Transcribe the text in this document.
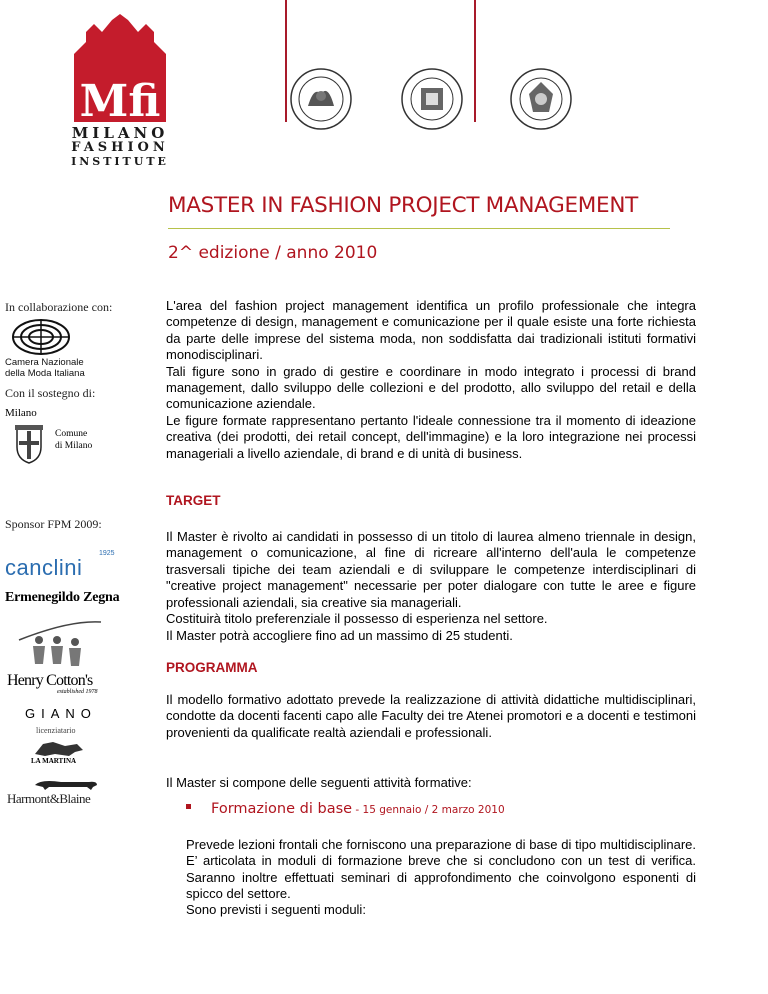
Mfi
MILANO
FASHION
INSTITUTE
MASTER IN FASHION PROJECT MANAGEMENT
2^ edizione / anno 2010
In collaborazione con:
Camera Nazionale
della Moda Italiana
Con il sostegno di:
Milano
Comune
di Milano
Sponsor FPM 2009:
canclini
1925
Ermenegildo Zegna
Henry Cotton's
established 1978
GIANO
licenziatario
LA MARTINA
Harmont&Blaine

L'area del fashion project management identifica un profilo professionale che integra competenze di design, management e comunicazione per il quale esiste una forte richiesta da parte delle imprese del sistema moda, non soddisfatta dai tradizionali istituti formativi monodisciplinari.

Tali figure sono in grado di gestire e coordinare in modo integrato i processi di brand management, dallo sviluppo delle collezioni e del prodotto, allo sviluppo del retail e della comunicazione aziendale.

Le figure formate rappresentano pertanto l'ideale connessione tra il momento di ideazione creativa (dei prodotti, dei retail concept, dell'immagine) e la loro integrazione nei processi manageriali a livello aziendale, di brand e di unità di business.

TARGET

Il Master è rivolto ai candidati in possesso di un titolo di laurea almeno triennale in design, management o comunicazione, al fine di ricreare all'interno dell'aula le competenze trasversali tipiche dei team aziendali e di sviluppare le competenze interdisciplinari di "creative project management" necessarie per poter dialogare con tutte le aree e figure professionali aziendali, sia creative sia manageriali.

Costituirà titolo preferenziale il possesso di esperienza nel settore.

Il Master potrà accogliere fino ad un massimo di 25 studenti.
PROGRAMMA
Il modello formativo adottato prevede la realizzazione di attività didattiche multidisciplinari, condotte da docenti facenti capo alle Faculty dei tre Atenei promotori e a docenti e testimoni provenienti da qualificate realtà aziendali e professionali.
Il Master si compone delle seguenti attività formative:
Formazione di base - 15 gennaio / 2 marzo 2010
Prevede lezioni frontali che forniscono una preparazione di base di tipo multidisciplinare. E’ articolata in moduli di formazione breve che si concludono con un test di verifica. Saranno inoltre effettuati seminari di approfondimento che coinvolgono esponenti di spicco del settore.
Sono previsti i seguenti moduli:
